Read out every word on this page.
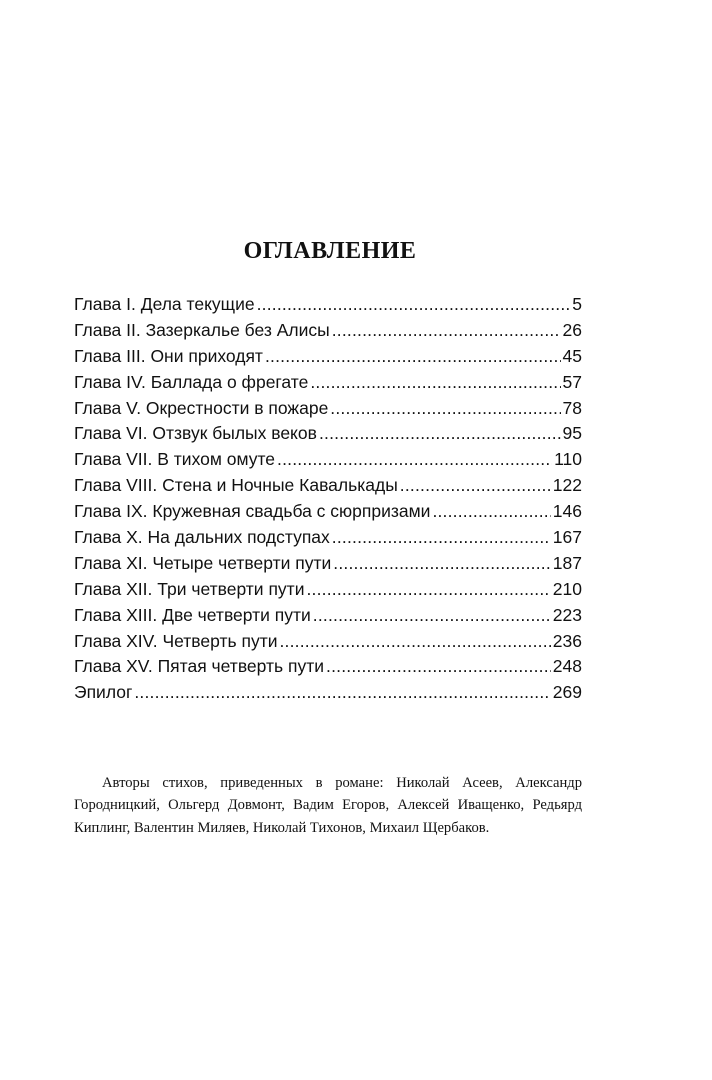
ОГЛАВЛЕНИЕ
Глава I. Дела текущие .....	5
Глава II. Зазеркалье без Алисы .....	26
Глава III. Они приходят .....	45
Глава IV. Баллада о фрегате .....	57
Глава V. Окрестности в пожаре .....	78
Глава VI. Отзвук былых веков .....	95
Глава VII. В тихом омуте .....	110
Глава VIII. Стена и Ночные Кавалькады .....	122
Глава IX. Кружевная свадьба с сюрпризами .....	146
Глава X. На дальних подступах .....	167
Глава XI. Четыре четверти пути .....	187
Глава XII. Три четверти пути .....	210
Глава XIII. Две четверти пути .....	223
Глава XIV. Четверть пути .....	236
Глава XV. Пятая четверть пути .....	248
Эпилог .....	269

Авторы стихов, приведенных в романе: Николай Асеев, Александр Городницкий, Ольгерд Довмонт, Вадим Егоров, Алексей Иващенко, Редьярд Киплинг, Валентин Миляев, Николай Тихонов, Михаил Щербаков.
